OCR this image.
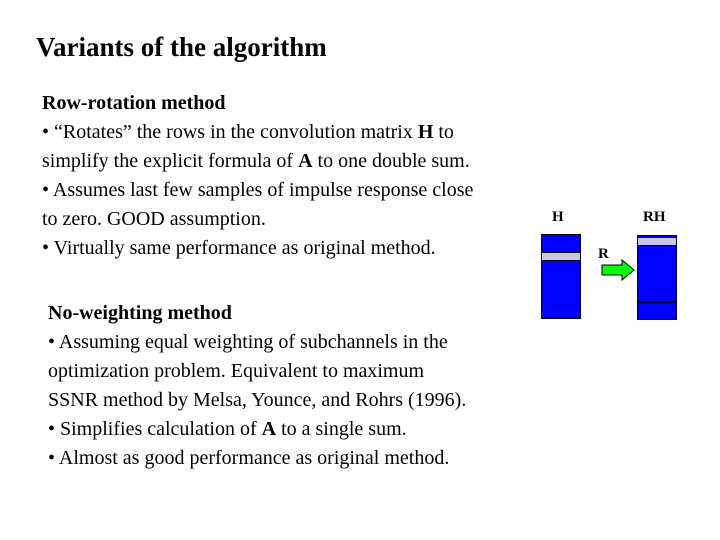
Variants of the algorithm
Row-rotation method
• “Rotates” the rows in the convolution matrix H to
simplify the explicit formula of A to one double sum.
• Assumes last few samples of impulse response close
to zero. GOOD assumption.
• Virtually same performance as original method.
No-weighting method
• Assuming equal weighting of subchannels in the
optimization problem. Equivalent to maximum
SSNR method by Melsa, Younce, and Rohrs (1996).
• Simplifies calculation of A to a single sum.
• Almost as good performance as original method.
H	RH
R
